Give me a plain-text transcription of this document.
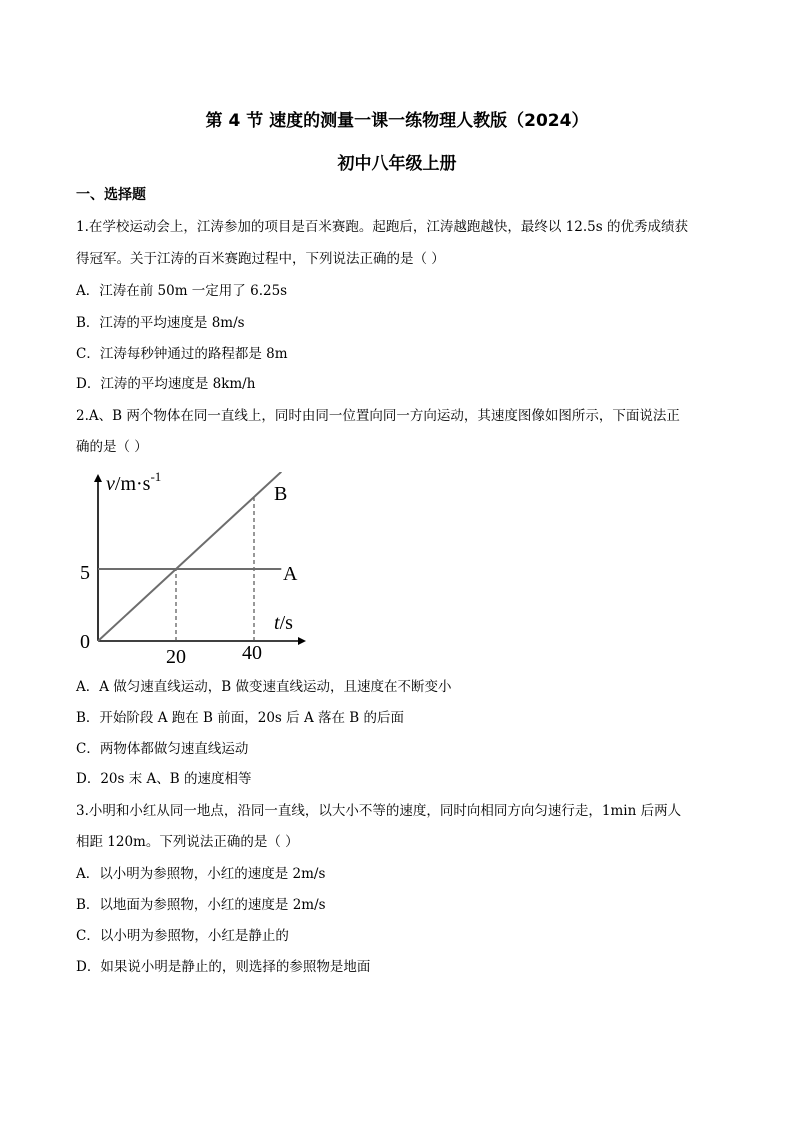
第 4 节 速度的测量一课一练物理人教版（2024）
初中八年级上册
一、选择题
1.在学校运动会上，江涛参加的项目是百米赛跑。起跑后，江涛越跑越快，最终以 12.5s 的优秀成绩获
得冠军。关于江涛的百米赛跑过程中，下列说法正确的是（ ）
A．江涛在前 50m 一定用了 6.25s
B．江涛的平均速度是 8m/s
C．江涛每秒钟通过的路程都是 8m
D．江涛的平均速度是 8km/h
2.A、B 两个物体在同一直线上，同时由同一位置向同一方向运动，其速度图像如图所示，下面说法正
确的是（ ）
$v/m\cdot s^{-1}$
t/s
0
5
20	40
A
B
A．A 做匀速直线运动，B 做变速直线运动，且速度在不断变小
B．开始阶段 A 跑在 B 前面，20s 后 A 落在 B 的后面
C．两物体都做匀速直线运动
D．20s 末 A、B 的速度相等
3.小明和小红从同一地点，沿同一直线，以大小不等的速度，同时向相同方向匀速行走，1min 后两人
相距 120m。下列说法正确的是（ ）
A．以小明为参照物，小红的速度是 2m/s
B．以地面为参照物，小红的速度是 2m/s
C．以小明为参照物，小红是静止的
D．如果说小明是静止的，则选择的参照物是地面
